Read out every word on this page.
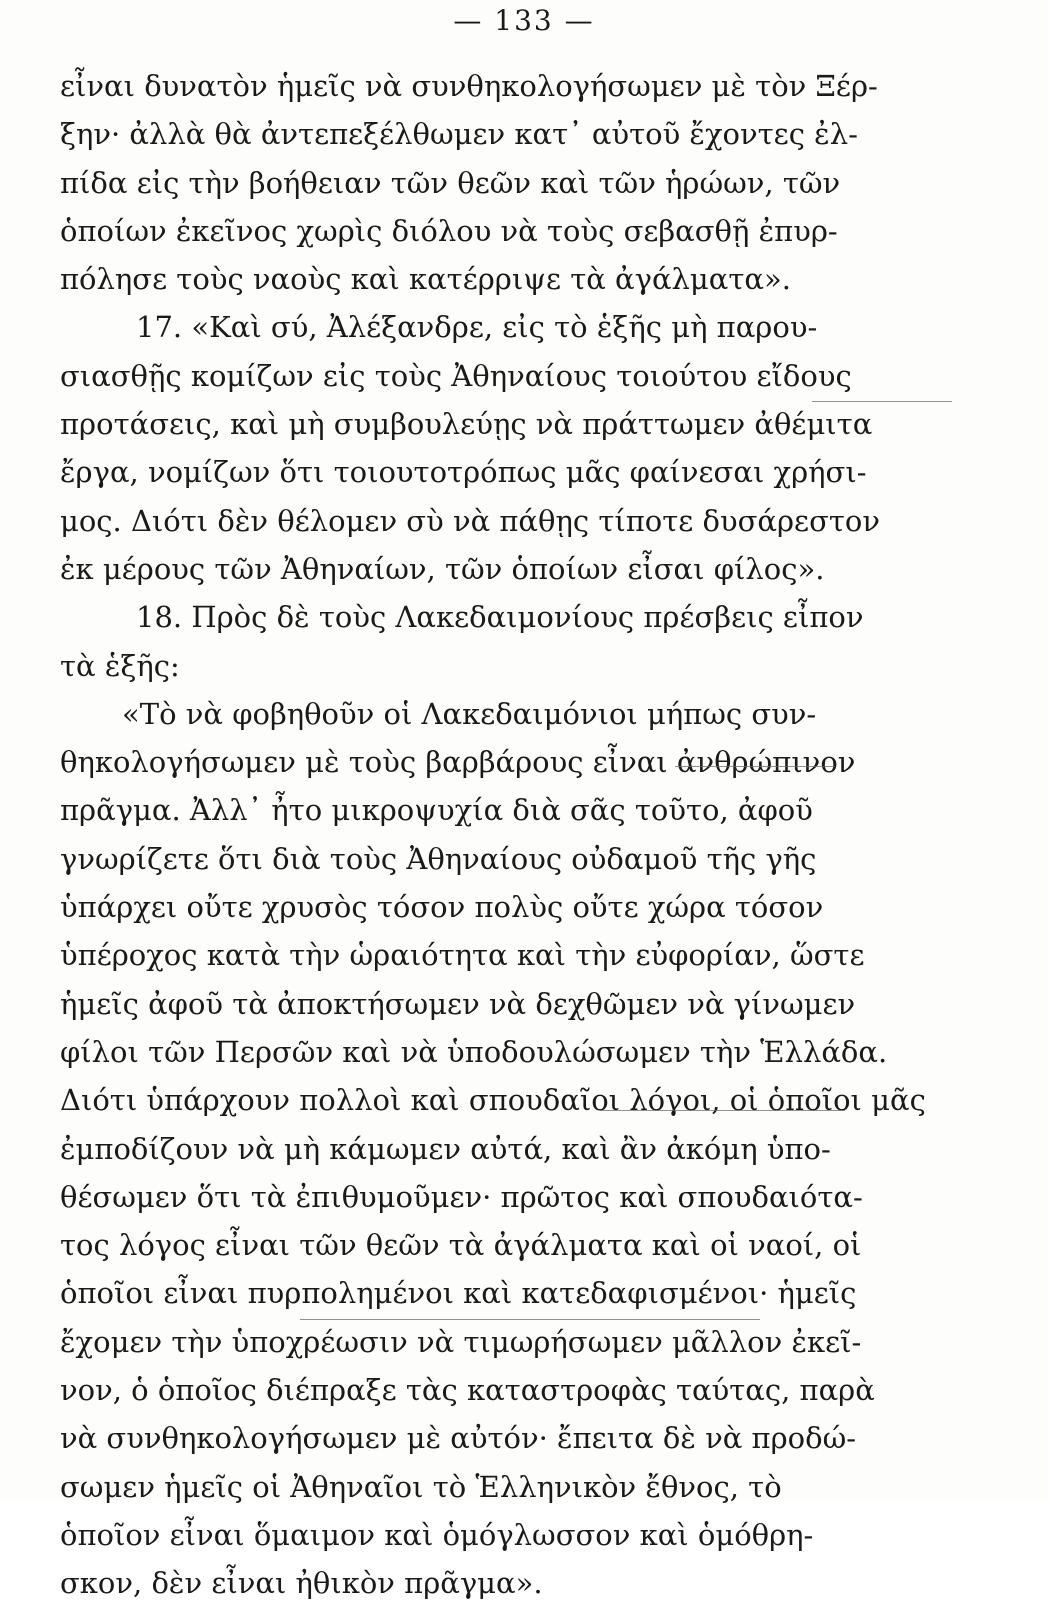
— 133 —
εἶναι δυνατὸν ἡμεῖς νὰ συνθηκολογήσωμεν μὲ τὸν Ξέρ-
ξην· ἀλλὰ θὰ ἀντεπεξέλθωμεν κατ᾽ αὐτοῦ ἔχοντες ἐλ-
πίδα εἰς τὴν βοήθειαν τῶν θεῶν καὶ τῶν ἡρώων, τῶν
ὁποίων ἐκεῖνος χωρὶς διόλου νὰ τοὺς σεβασθῇ ἐπυρ-
πόλησε τοὺς ναοὺς καὶ κατέρριψε τὰ ἀγάλματα».
17. «Καὶ σύ, Ἀλέξανδρε, εἰς τὸ ἑξῆς μὴ παρου-
σιασθῇς κομίζων εἰς τοὺς Ἀθηναίους τοιούτου εἴδους
προτάσεις, καὶ μὴ συμβουλεύῃς νὰ πράττωμεν ἀθέμιτα
ἔργα, νομίζων ὅτι τοιουτοτρόπως μᾶς φαίνεσαι χρήσι-
μος. Διότι δὲν θέλομεν σὺ νὰ πάθῃς τίποτε δυσάρεστον
ἐκ μέρους τῶν Ἀθηναίων, τῶν ὁποίων εἶσαι φίλος».
18. Πρὸς δὲ τοὺς Λακεδαιμονίους πρέσβεις εἶπον
τὰ ἑξῆς:
«Τὸ νὰ φοβηθοῦν οἱ Λακεδαιμόνιοι μήπως συν-
θηκολογήσωμεν μὲ τοὺς βαρβάρους εἶναι ἀνθρώπινον
πρᾶγμα. Ἀλλ᾽ ἦτο μικροψυχία διὰ σᾶς τοῦτο, ἀφοῦ
γνωρίζετε ὅτι διὰ τοὺς Ἀθηναίους οὐδαμοῦ τῆς γῆς
ὑπάρχει οὔτε χρυσὸς τόσον πολὺς οὔτε χώρα τόσον
ὑπέροχος κατὰ τὴν ὡραιότητα καὶ τὴν εὐφορίαν, ὥστε
ἡμεῖς ἀφοῦ τὰ ἀποκτήσωμεν νὰ δεχθῶμεν νὰ γίνωμεν
φίλοι τῶν Περσῶν καὶ νὰ ὑποδουλώσωμεν τὴν Ἑλλάδα.
Διότι ὑπάρχουν πολλοὶ καὶ σπουδαῖοι λόγοι, οἱ ὁποῖοι μᾶς
ἐμποδίζουν νὰ μὴ κάμωμεν αὐτά, καὶ ἂν ἀκόμη ὑπο-
θέσωμεν ὅτι τὰ ἐπιθυμοῦμεν· πρῶτος καὶ σπουδαιότα-
τος λόγος εἶναι τῶν θεῶν τὰ ἀγάλματα καὶ οἱ ναοί, οἱ
ὁποῖοι εἶναι πυρπολημένοι καὶ κατεδαφισμένοι· ἡμεῖς
ἔχομεν τὴν ὑποχρέωσιν νὰ τιμωρήσωμεν μᾶλλον ἐκεῖ-
νον, ὁ ὁποῖος διέπραξε τὰς καταστροφὰς ταύτας, παρὰ
νὰ συνθηκολογήσωμεν μὲ αὐτόν· ἔπειτα δὲ νὰ προδώ-
σωμεν ἡμεῖς οἱ Ἀθηναῖοι τὸ Ἑλληνικὸν ἔθνος, τὸ
ὁποῖον εἶναι ὅμαιμον καὶ ὁμόγλωσσον καὶ ὁμόθρη-
σκον, δὲν εἶναι ἠθικὸν πρᾶγμα».
